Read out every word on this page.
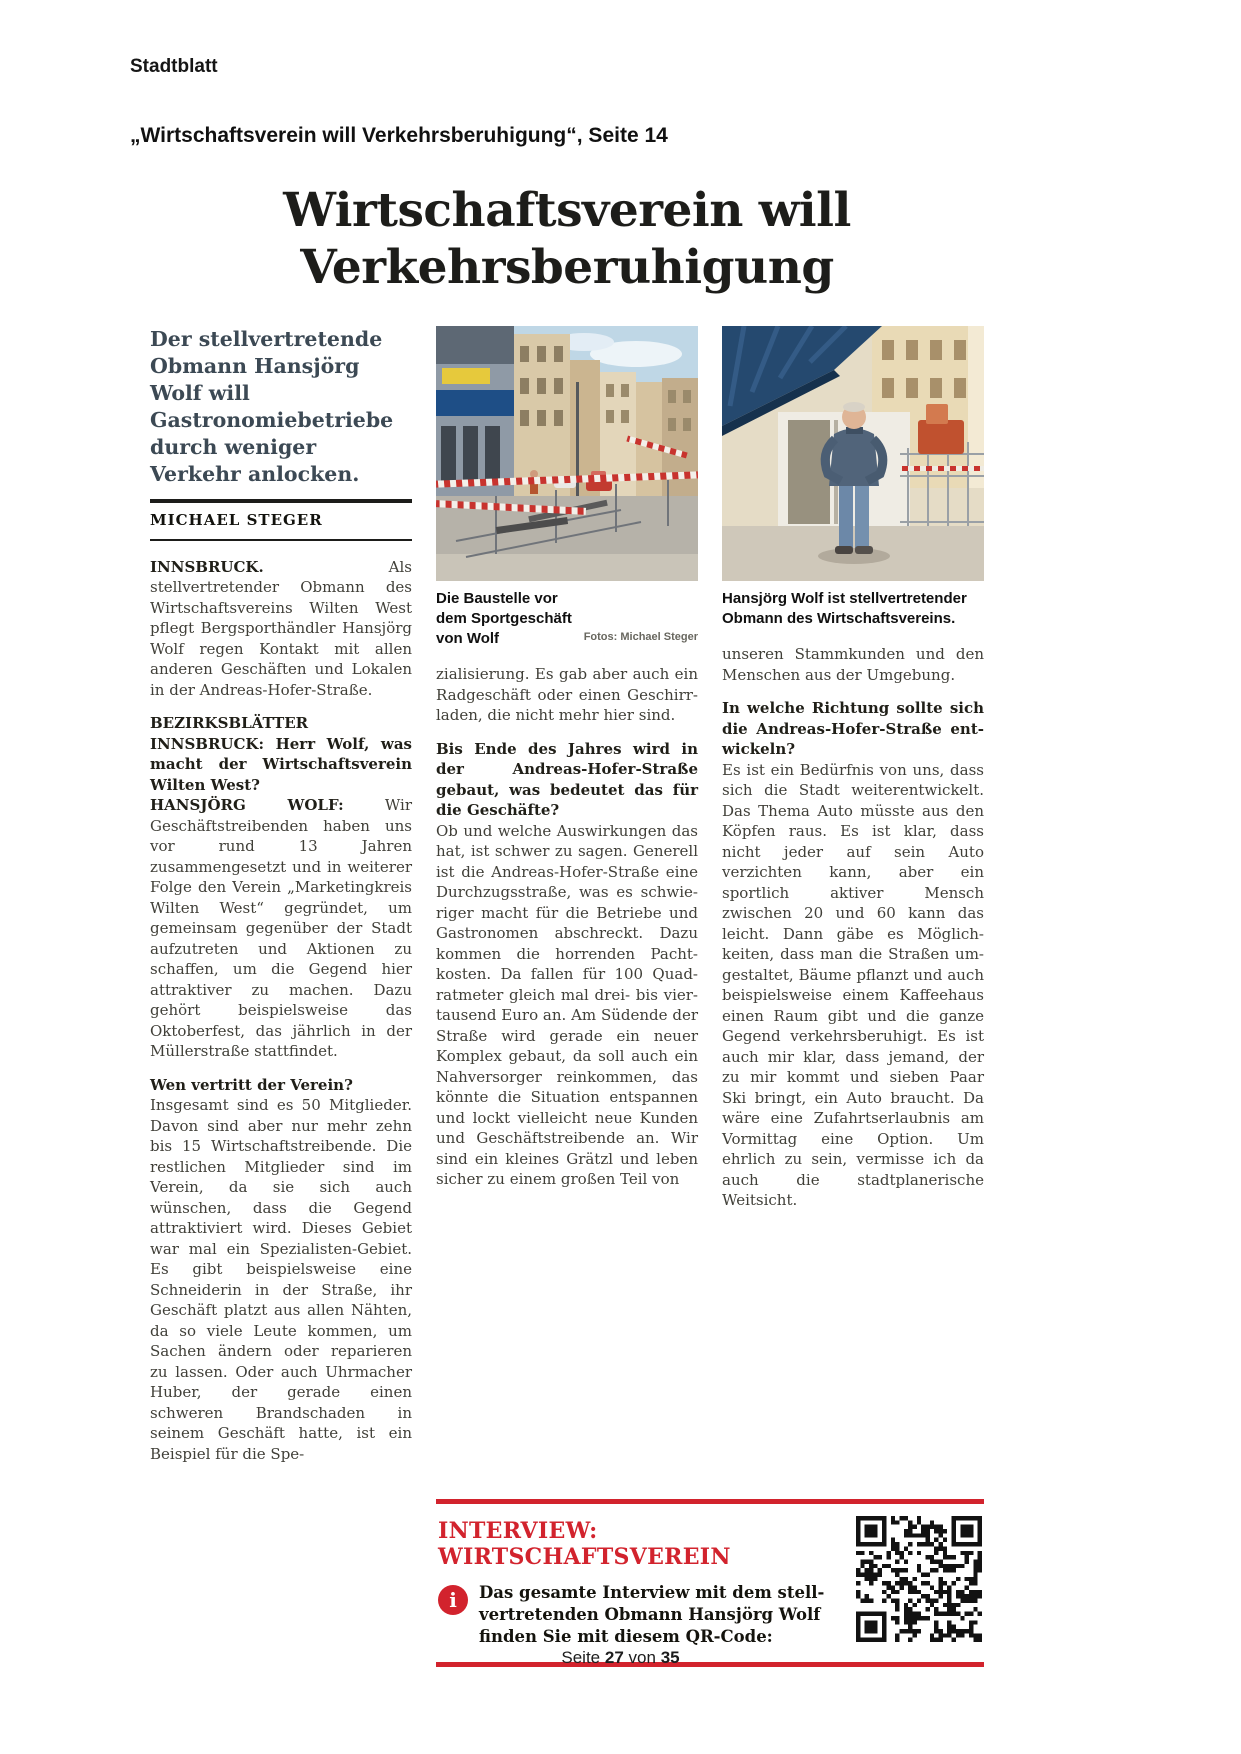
Stadtblatt
„Wirtschaftsverein will Verkehrsberuhigung“, Seite 14
Wirtschaftsverein will Verkehrsberuhigung

Der stellvertretende Obmann Hansjörg Wolf will Gastronomiebetriebe durch weniger Verkehr anlocken.

MICHAEL STEGER

INNSBRUCK. Als stellvertretender Obmann des Wirtschaftsvereins Wilten West pflegt Bergsporthändler Hansjörg Wolf regen Kontakt mit allen anderen Geschäften und Lokalen in der Andreas-Hofer-Straße.

BEZIRKSBLÄTTER INNSBRUCK: Herr Wolf, was macht der Wirtschaftsverein Wilten West?

HANSJÖRG WOLF: Wir Geschäftstreibenden haben uns vor rund 13 Jahren zusammengesetzt und in weiterer Folge den Verein „Marketingkreis Wilten West“ gegründet, um gemeinsam gegenüber der Stadt aufzutreten und Aktionen zu schaffen, um die Gegend hier attraktiver zu machen. Dazu gehört beispielsweise das Oktoberfest, das jährlich in der Müllerstraße stattfindet.

Wen vertritt der Verein?

Insgesamt sind es 50 Mitglieder. Davon sind aber nur mehr zehn bis 15 Wirtschaftstreibende. Die restlichen Mitglieder sind im Verein, da sie sich auch wünschen, dass die Gegend attraktiviert wird. Dieses Gebiet war mal ein Spezialisten-Gebiet. Es gibt beispielsweise eine Schneiderin in der Straße, ihr Geschäft platzt aus allen Nähten, da so viele Leute kommen, um Sachen ändern oder reparieren zu lassen. Oder auch Uhrmacher Huber, der gerade einen schweren Brandschaden in seinem Geschäft hatte, ist ein Beispiel für die Spe-

Die Baustelle vor dem Sportgeschäft von Wolf	Fotos: Michael Steger

zialisierung. Es gab aber auch ein Radgeschäft oder einen Geschirrladen, die nicht mehr hier sind.

Bis Ende des Jahres wird in der Andreas-Hofer-Straße gebaut, was bedeutet das für die Geschäfte?

Ob und welche Auswirkungen das hat, ist schwer zu sagen. Generell ist die Andreas-Hofer-Straße eine Durchzugsstraße, was es schwieriger macht für die Betriebe und Gastronomen abschreckt. Dazu kommen die horrenden Pachtkosten. Da fallen für 100 Quadratmeter gleich mal drei- bis viertausend Euro an. Am Südende der Straße wird gerade ein neuer Komplex gebaut, da soll auch ein Nahversorger reinkommen, das könnte die Situation entspannen und lockt vielleicht neue Kunden und Geschäftstreibende an. Wir sind ein kleines Grätzl und leben sicher zu einem großen Teil von

Hansjörg Wolf ist stellvertretender Obmann des Wirtschaftsvereins.

unseren Stammkunden und den Menschen aus der Umgebung.

In welche Richtung sollte sich die Andreas-Hofer-Straße entwickeln?

Es ist ein Bedürfnis von uns, dass sich die Stadt weiterentwickelt. Das Thema Auto müsste aus den Köpfen raus. Es ist klar, dass nicht jeder auf sein Auto verzichten kann, aber ein sportlich aktiver Mensch zwischen 20 und 60 kann das leicht. Dann gäbe es Möglichkeiten, dass man die Straßen umgestaltet, Bäume pflanzt und auch beispielsweise einem Kaffeehaus einen Raum gibt und die ganze Gegend verkehrsberuhigt. Es ist auch mir klar, dass jemand, der zu mir kommt und sieben Paar Ski bringt, ein Auto braucht. Da wäre eine Zufahrtserlaubnis am Vormittag eine Option. Um ehrlich zu sein, vermisse ich da auch die stadtplanerische Weitsicht.

INTERVIEW: WIRTSCHAFTSVEREIN
i	Das gesamte Interview mit dem stellvertretenden Obmann Hansjörg Wolf finden Sie mit diesem QR-Code:
Seite 27 von 35
